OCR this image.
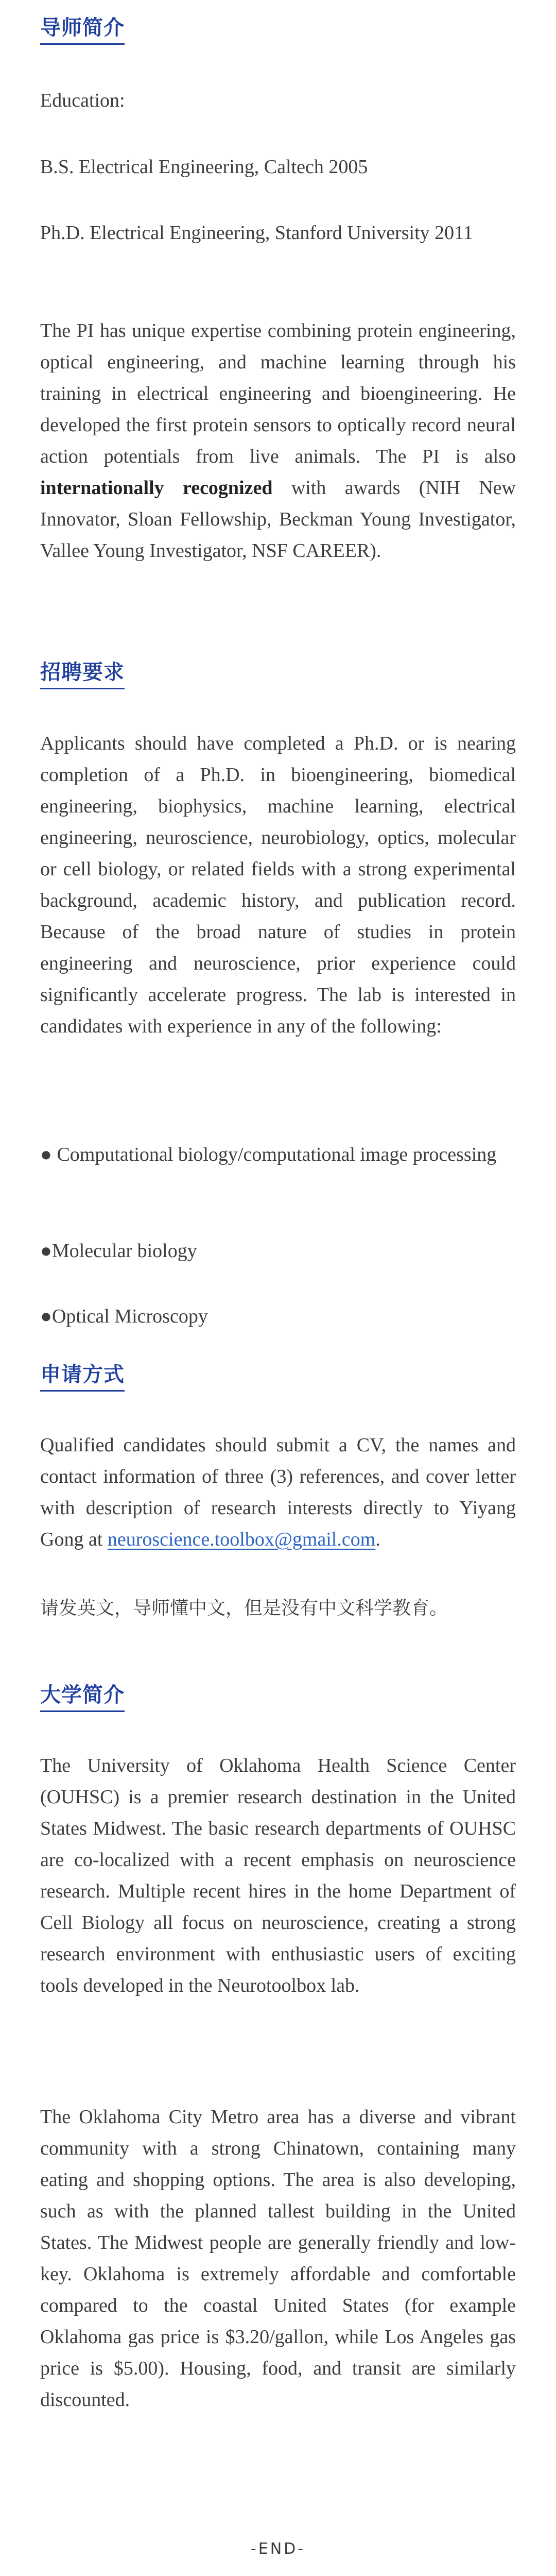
导师简介

Education:

B.S. Electrical Engineering, Caltech 2005

Ph.D. Electrical Engineering, Stanford University 2011

The PI has unique expertise combining protein engineering, optical engineering, and machine learning through his training in electrical engineering and bioengineering. He developed the first protein sensors to optically record neural action potentials from live animals. The PI is also internationally recognized with awards (NIH New Innovator, Sloan Fellowship, Beckman Young Investigator, Vallee Young Investigator, NSF CAREER).

招聘要求

Applicants should have completed a Ph.D. or is nearing completion of a Ph.D. in bioengineering, biomedical engineering, biophysics, machine learning, electrical engineering, neuroscience, neurobiology, optics, molecular or cell biology, or related fields with a strong experimental background, academic history, and publication record. Because of the broad nature of studies in protein engineering and neuroscience, prior experience could significantly accelerate progress. The lab is interested in candidates with experience in any of the following:

● Computational biology/computational image processing

●Molecular biology

●Optical Microscopy

申请方式

Qualified candidates should submit a CV, the names and contact information of three (3) references, and cover letter with description of research interests directly to Yiyang Gong at neuroscience.toolbox@gmail.com.

请发英文，导师懂中文，但是没有中文科学教育。

大学简介

The University of Oklahoma Health Science Center (OUHSC) is a premier research destination in the United States Midwest. The basic research departments of OUHSC are co-localized with a recent emphasis on neuroscience research. Multiple recent hires in the home Department of Cell Biology all focus on neuroscience, creating a strong research environment with enthusiastic users of exciting tools developed in the Neurotoolbox lab.

The Oklahoma City Metro area has a diverse and vibrant community with a strong Chinatown, containing many eating and shopping options. The area is also developing, such as with the planned tallest building in the United States. The Midwest people are generally friendly and low-key. Oklahoma is extremely affordable and comfortable compared to the coastal United States (for example Oklahoma gas price is $3.20/gallon, while Los Angeles gas price is $5.00). Housing, food, and transit are similarly discounted.

-END-
